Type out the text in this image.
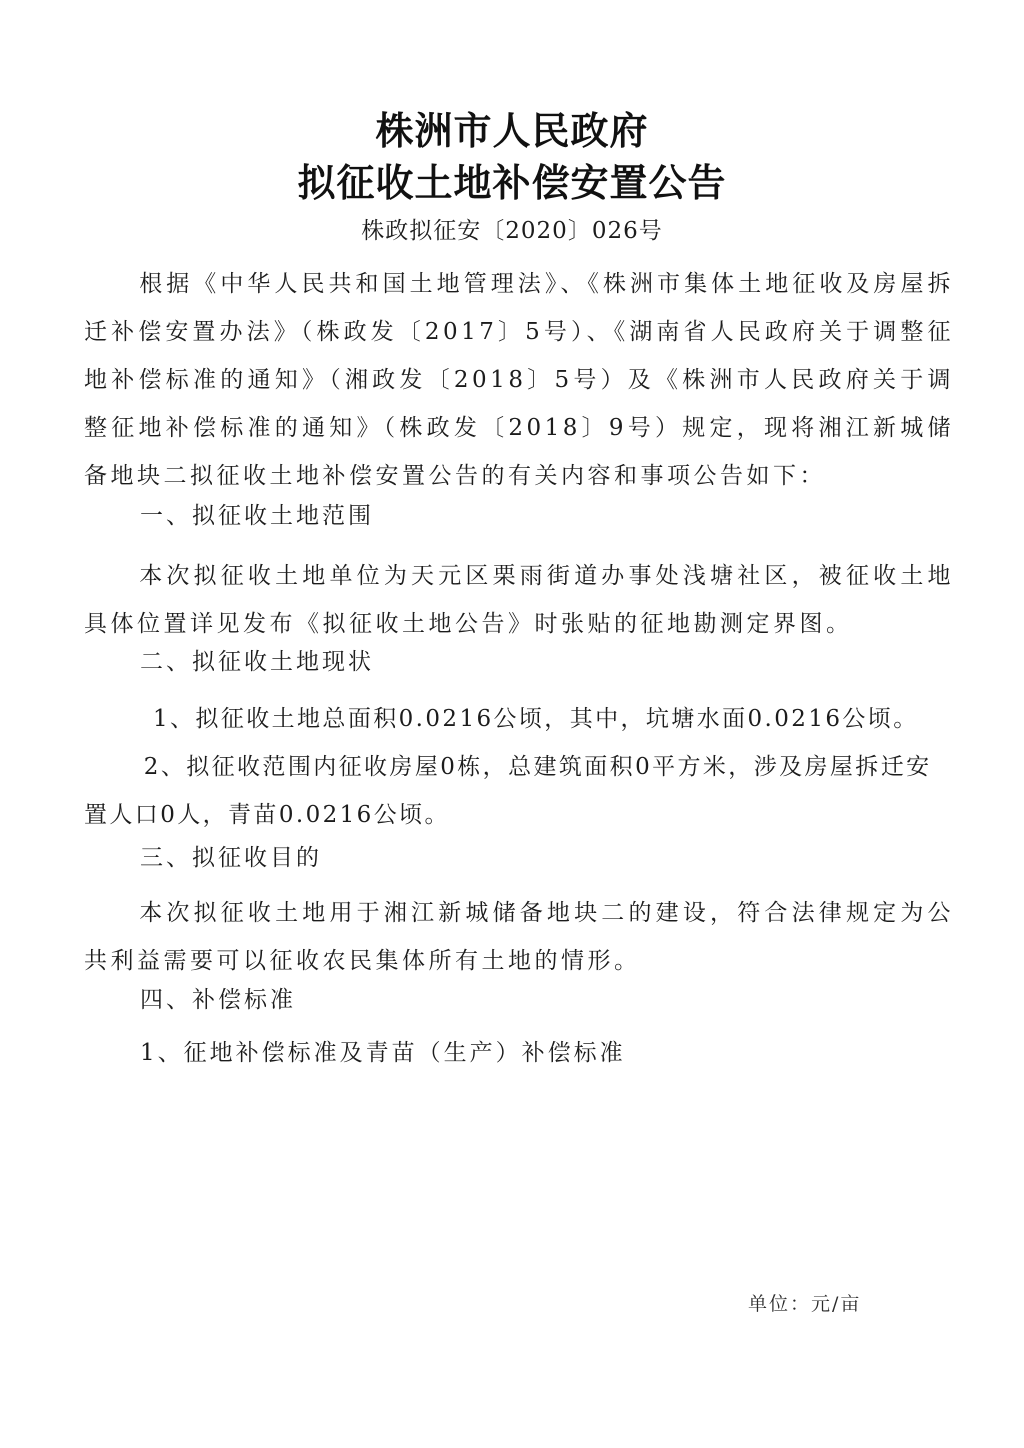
株洲市人民政府
拟征收土地补偿安置公告
株政拟征安〔2020〕026号
根据《中华人民共和国土地管理法》、《株洲市集体土地征收及房屋拆迁补偿安置办法》（株政发〔2017〕5号）、《湖南省人民政府关于调整征地补偿标准的通知》（湘政发〔2018〕5号）及《株洲市人民政府关于调整征地补偿标准的通知》（株政发〔2018〕9号）规定，现将湘江新城储备地块二拟征收土地补偿安置公告的有关内容和事项公告如下：
一、拟征收土地范围
本次拟征收土地单位为天元区栗雨街道办事处浅塘社区，被征收土地具体位置详见发布《拟征收土地公告》时张贴的征地勘测定界图。
二、拟征收土地现状
1、拟征收土地总面积0.0216公顷，其中，坑塘水面0.0216公顷。
2、拟征收范围内征收房屋0栋，总建筑面积0平方米，涉及房屋拆迁安置人口0人，青苗0.0216公顷。
三、拟征收目的
本次拟征收土地用于湘江新城储备地块二的建设，符合法律规定为公共利益需要可以征收农民集体所有土地的情形。
四、补偿标准
1、征地补偿标准及青苗（生产）补偿标准
单位：元/亩
